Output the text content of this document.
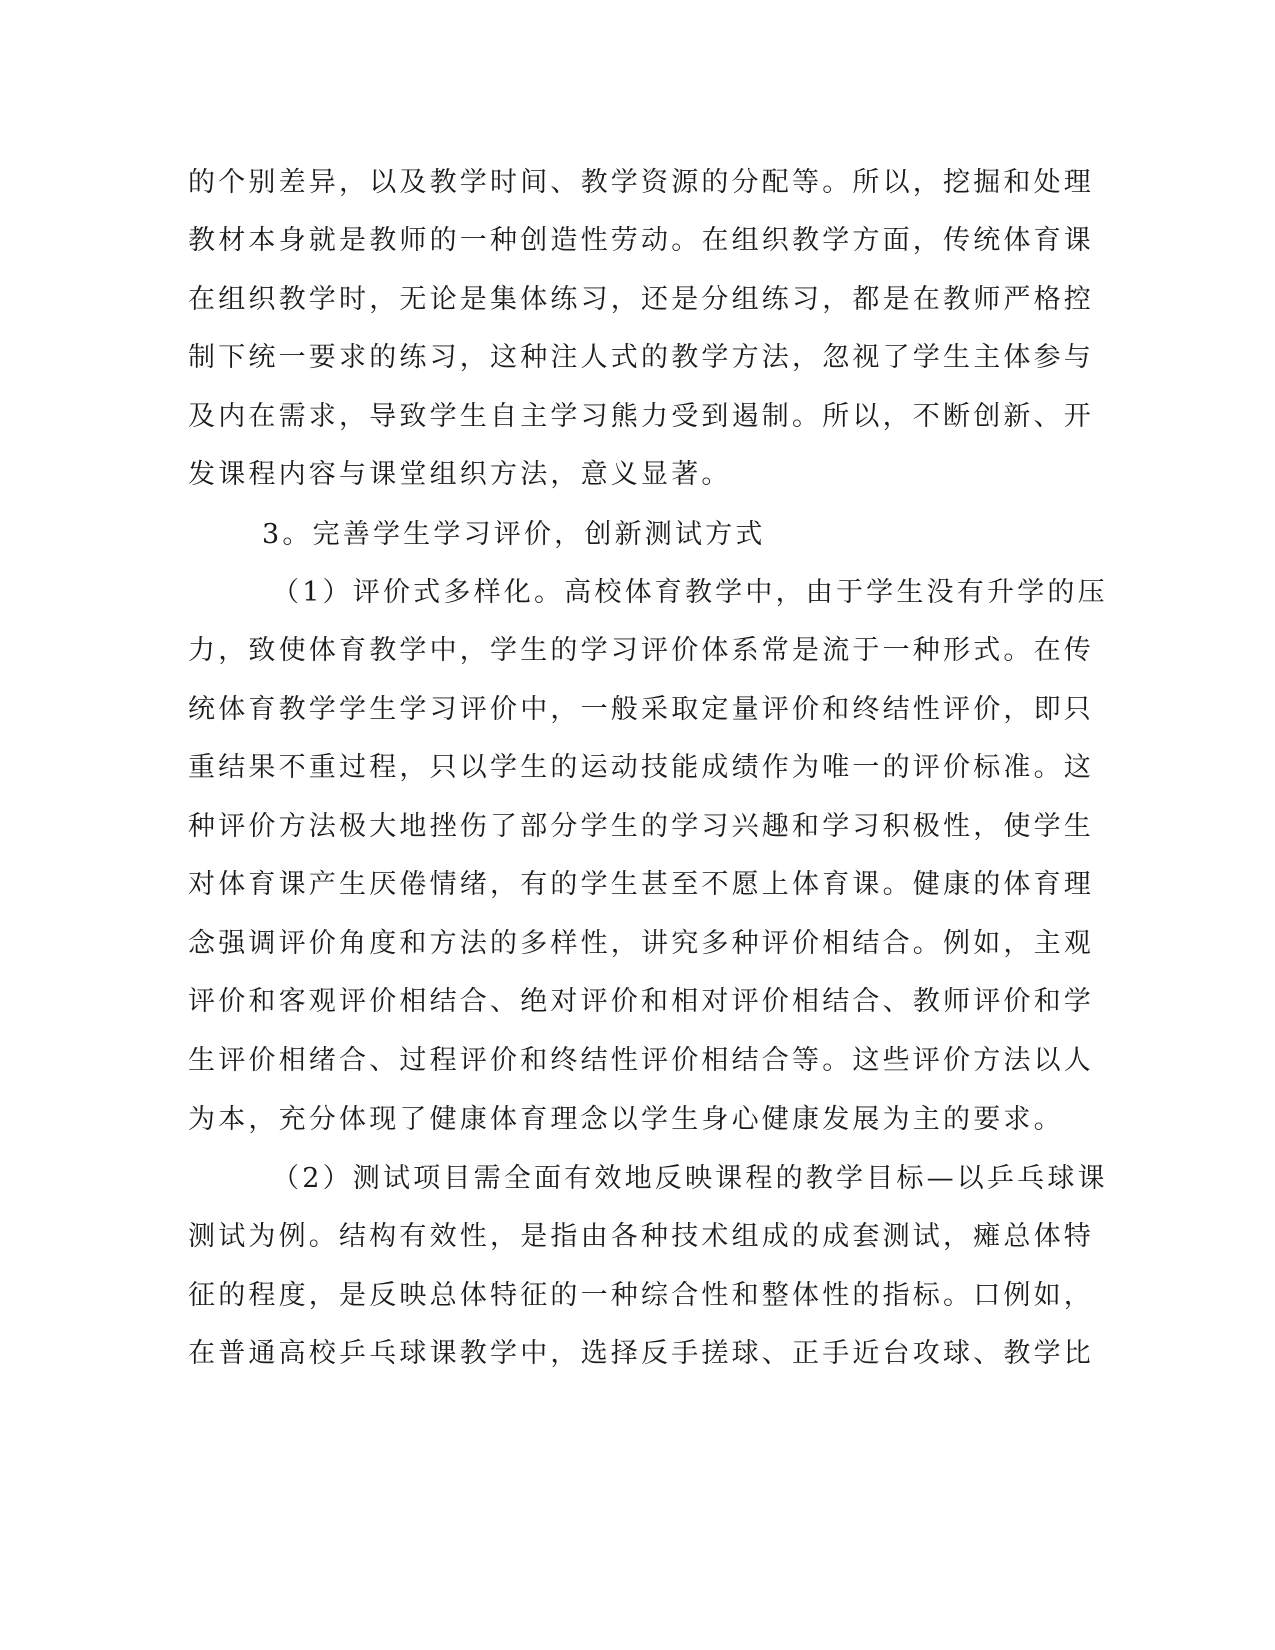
的个别差异，以及教学时间、教学资源的分配等。所以，挖掘和处理
教材本身就是教师的一种创造性劳动。在组织教学方面，传统体育课
在组织教学时，无论是集体练习，还是分组练习，都是在教师严格控
制下统一要求的练习，这种注人式的教学方法，忽视了学生主体参与
及内在需求，导致学生自主学习熊力受到遏制。所以，不断创新、开
发课程内容与课堂组织方法，意义显著。
3。完善学生学习评价，创新测试方式
（1）评价式多样化。高校体育教学中，由于学生没有升学的压
力，致使体育教学中，学生的学习评价体系常是流于一种形式。在传
统体育教学学生学习评价中，一般采取定量评价和终结性评价，即只
重结果不重过程，只以学生的运动技能成绩作为唯一的评价标准。这
种评价方法极大地挫伤了部分学生的学习兴趣和学习积极性，使学生
对体育课产生厌倦情绪，有的学生甚至不愿上体育课。健康的体育理
念强调评价角度和方法的多样性，讲究多种评价相结合。例如，主观
评价和客观评价相结合、绝对评价和相对评价相结合、教师评价和学
生评价相绪合、过程评价和终结性评价相结合等。这些评价方法以人
为本，充分体现了健康体育理念以学生身心健康发展为主的要求。
（2）测试项目需全面有效地反映课程的教学目标—以乒乓球课
测试为例。结构有效性，是指由各种技术组成的成套测试，瘫总体特
征的程度，是反映总体特征的一种综合性和整体性的指标。口例如，
在普通高校乒乓球课教学中，选择反手搓球、正手近台攻球、教学比
